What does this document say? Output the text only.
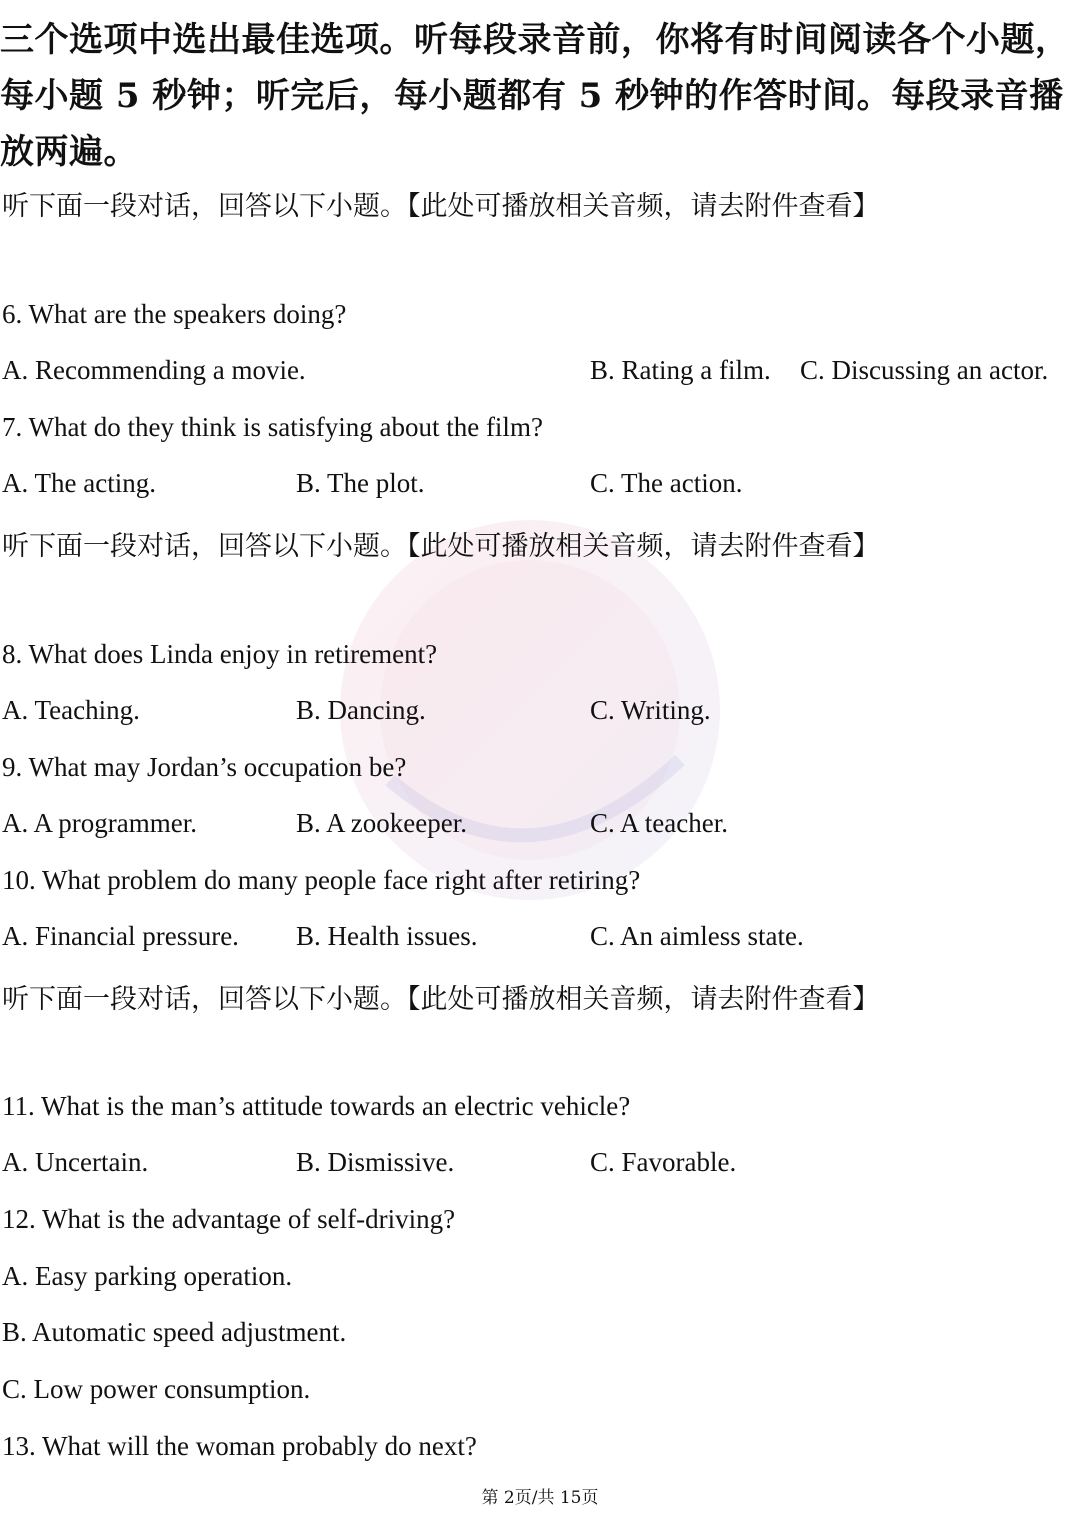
三个选项中选出最佳选项。听每段录音前，你将有时间阅读各个小题，
每小题 5 秒钟；听完后，每小题都有 5 秒钟的作答时间。每段录音播
放两遍。
听下面一段对话，回答以下小题。【此处可播放相关音频，请去附件查看】
6. What are the speakers doing?
A. Recommending a movie.	B. Rating a film. C. Discussing an actor.
7. What do they think is satisfying about the film?
A. The acting.	B. The plot.	C. The action.
听下面一段对话，回答以下小题。【此处可播放相关音频，请去附件查看】
8. What does Linda enjoy in retirement?
A. Teaching.	B. Dancing.	C. Writing.
9. What may Jordan’s occupation be?
A. A programmer.	B. A zookeeper.	C. A teacher.
10. What problem do many people face right after retiring?
A. Financial pressure. B. Health issues.	C. An aimless state.
听下面一段对话，回答以下小题。【此处可播放相关音频，请去附件查看】
11. What is the man’s attitude towards an electric vehicle?
A. Uncertain.	B. Dismissive.	C. Favorable.
12. What is the advantage of self-driving?
A. Easy parking operation.
B. Automatic speed adjustment.
C. Low power consumption.
13. What will the woman probably do next?
第 2页/共 15页
